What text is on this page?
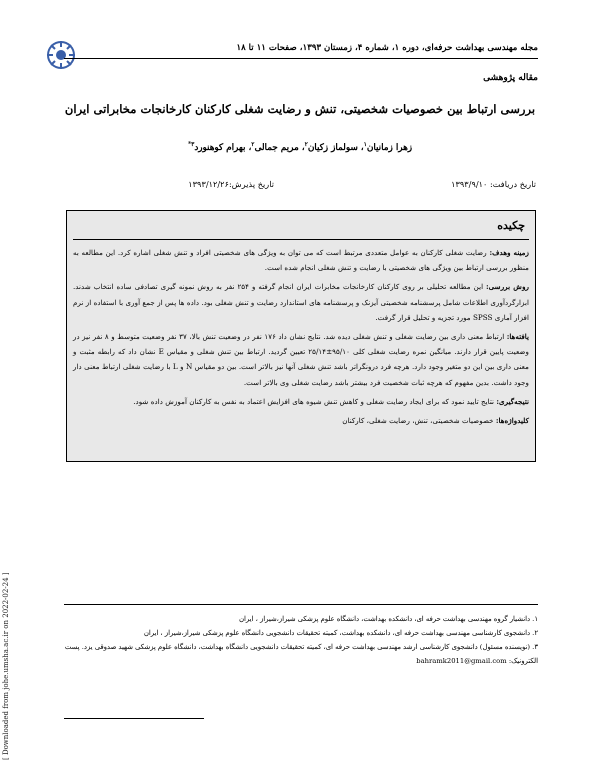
مجله مهندسی بهداشت حرفه‌ای، دوره ۱، شماره ۴، زمستان ۱۳۹۳، صفحات ۱۱ تا ۱۸
مقاله پژوهشی
بررسی ارتباط بین خصوصیات شخصیتی، تنش و رضایت شغلی کارکنان کارخانجات مخابراتی ایران
زهرا زمانیان$^۱$، سولماز زکیان$^۲$، مریم جمالی$^۲$، بهرام کوهنورد$^{۳*}$
تاریخ دریافت: ۱۳۹۳/۹/۱۰
تاریخ پذیرش:۱۳۹۳/۱۲/۲۶
چکیده

زمینه وهدف: رضایت شغلی کارکنان به عوامل متعددی مرتبط است که می توان به ویژگی های شخصیتی افراد و تنش شغلی اشاره کرد. این مطالعه به منظور بررسی ارتباط بین ویژگی های شخصیتی با رضایت و تنش شغلی انجام شده است.

روش بررسی: این مطالعه تحلیلی بر روی کارکنان کارخانجات مخابرات ایران انجام گرفته و ۲۵۴ نفر به روش نمونه گیری تصادفی ساده انتخاب شدند. ابزارگردآوری اطلاعات شامل پرسشنامه شخصیتی آیزنک و پرسشنامه های استاندارد رضایت و تنش شغلی بود. داده ها پس از جمع آوری با استفاده از نرم افزار آماری SPSS مورد تجزیه و تحلیل قرار گرفت.

یافته‌ها: ارتباط معنی داری بین رضایت شغلی و تنش شغلی دیده شد. نتایج نشان داد ۱۷۶ نفر در وضعیت تنش بالا، ۳۷ نفر وضعیت متوسط و ۸ نفر نیز در وضعیت پایین قرار دارند. میانگین نمره رضایت شغلی کلی ۹۵/۱۰±۲۵/۱۴ تعیین گردید. ارتباط بین تنش شغلی و مقیاس E نشان داد که رابطه مثبت و معنی داری بین این دو متغیر وجود دارد. هرچه فرد درونگراتر باشد تنش شغلی آنها نیز بالاتر است. بین دو مقیاس N و L با رضایت شغلی ارتباط معنی دار وجود داشت. بدین مفهوم که هرچه ثبات شخصیت فرد بیشتر باشد رضایت شغلی وی بالاتر است.

نتیجه‌گیری: نتایج تایید نمود که برای ایجاد رضایت شغلی و کاهش تنش شیوه های افزایش اعتماد به نفس به کارکنان آموزش داده شود.

کلیدواژه‌ها: خصوصیات شخصیتی، تنش، رضایت شغلی، کارکنان

[ Downloaded from johe.umsha.ac.ir on 2022-02-24 ]	۱. دانشیار گروه مهندسی بهداشت حرفه ای، دانشکده بهداشت، دانشگاه علوم پزشکی شیراز،شیراز ، ایران
۲. دانشجوی کارشناسی مهندسی بهداشت حرفه ای، دانشکده بهداشت، کمیته تحقیقات دانشجویی دانشگاه علوم پزشکی شیراز،شیراز ، ایران
۳. (نویسنده مسئول) دانشجوی کارشناسی ارشد مهندسی بهداشت حرفه ای، کمیته تحقیقات دانشجویی دانشگاه بهداشت، دانشگاه علوم پزشکی شهید صدوقی یزد. پست الکترونیک: bahramk2011@gmail.com
